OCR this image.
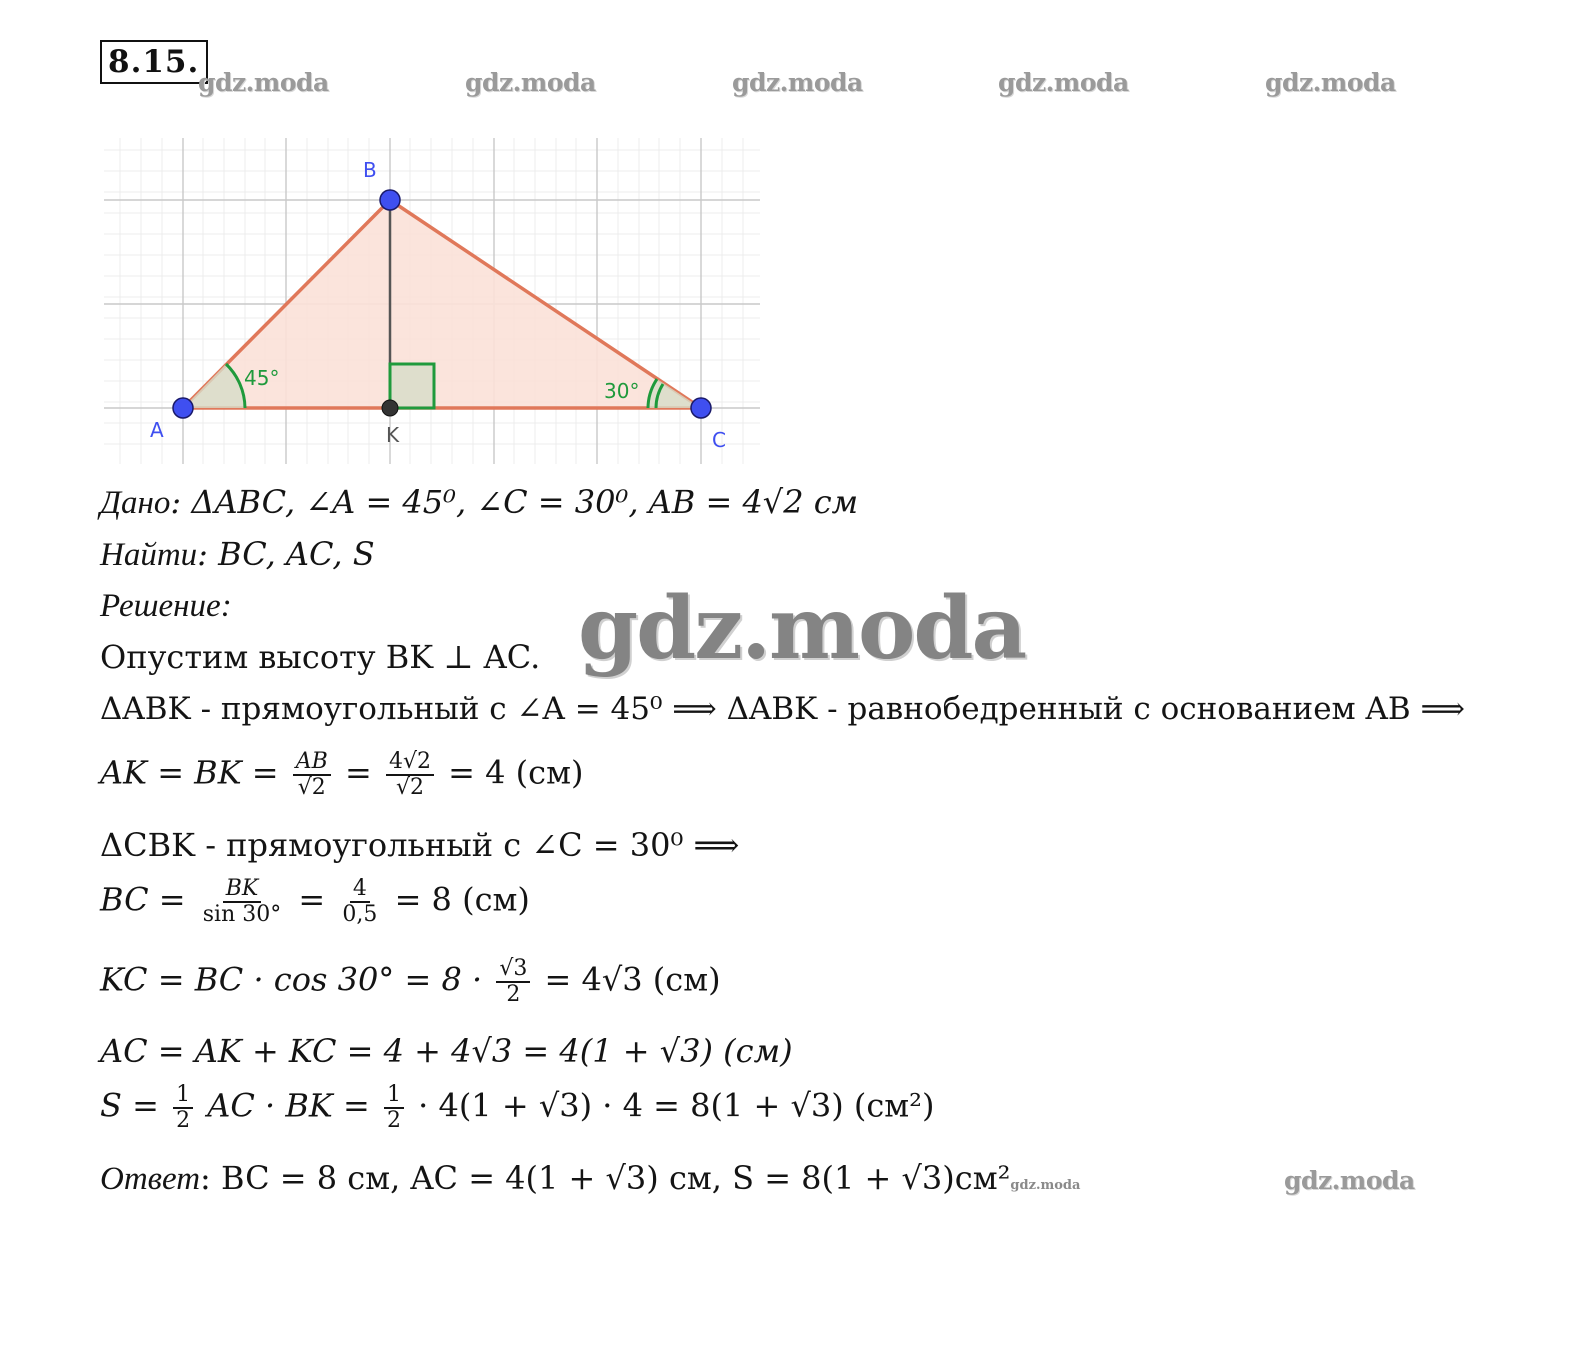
8.15.
gdz.moda	gdz.moda	gdz.moda	gdz.moda	gdz.moda
gdz.moda
A
B
C
K
45°
30°
Дано: ΔABC, ∠A = 45⁰, ∠C = 30⁰, AB = 4√2 см
Найти: BC, AC, S
Решение:
Опустим высоту BK ⊥ AC.
ΔABK - прямоугольный с ∠A = 45⁰ ⟹ ΔABK - равнобедренный с основанием AB ⟹
AK = BK = $\frac{AB}{√2} = \frac{4√2}{√2} = 4$ (см)
ΔCBK - прямоугольный с ∠C = 30⁰ ⟹
BC = $\frac{BK}{\sin 30^\circ} = \frac{4}{0,5} = 8$ (см)
KC = BC · $\cos 30^\circ = 8 \cdot \frac{√3}{2} = 4√3$ (см)
AC = AK + KC = 4 + 4√3 = 4(1 + √3) (см)
$S = \frac{1}{2}$ AC · BK = $\frac{1}{2} \cdot 4(1 + √3) \cdot 4 = 8(1 + √3)$ (см²)
Ответ: BC = 8 см, AC = 4(1 + √3) см, S = 8(1 + √3)см²gdz.moda
gdz.moda
